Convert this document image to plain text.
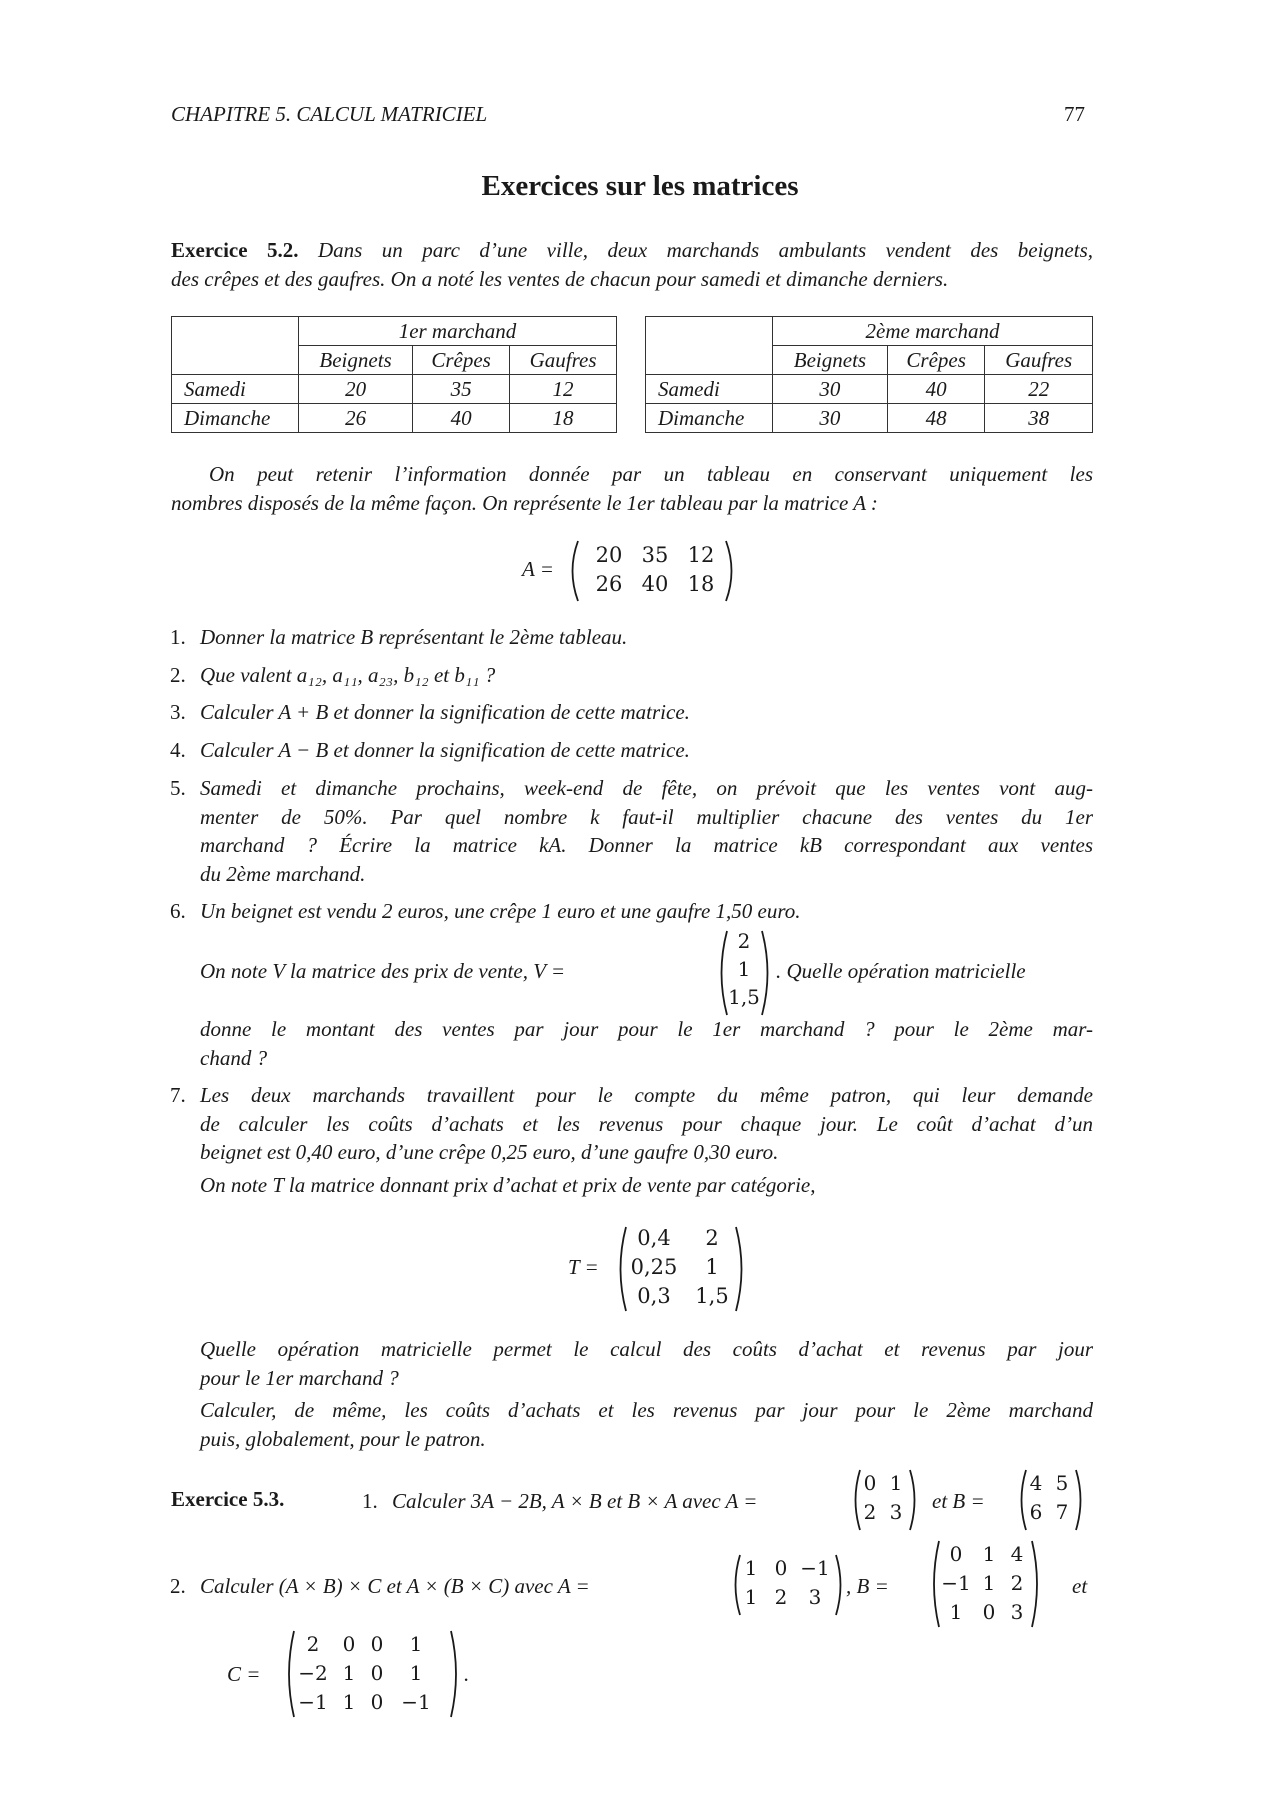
CHAPITRE 5. CALCUL MATRICIEL	77
Exercices sur les matrices
Exercice 5.2. Dans un parc d’une ville, deux marchands ambulants vendent des beignets,
des crêpes et des gaufres. On a noté les ventes de chacun pour samedi et dimanche derniers.
	1er marchand		
	Beignets	Crêpes	Gaufres
Samedi	20	35	12
Dimanche	26	40	18
	2ème marchand		
	Beignets	Crêpes	Gaufres
Samedi	30	40	22
Dimanche	30	48	38
On peut retenir l’information donnée par un tableau en conservant uniquement les
nombres disposés de la même façon. On représente le 1er tableau par la matrice A :
A =
20 35 12
26 40 18
1. Donner la matrice B représentant le 2ème tableau.
2. Que valent a₁₂, a₁₁, a₂₃, b₁₂ et b₁₁ ?
3. Calculer A + B et donner la signification de cette matrice.
4. Calculer A − B et donner la signification de cette matrice.
5. Samedi et dimanche prochains, week-end de fête, on prévoit que les ventes vont aug-
menter de 50%. Par quel nombre k faut-il multiplier chacune des ventes du 1er
marchand ? Écrire la matrice kA. Donner la matrice kB correspondant aux ventes
du 2ème marchand.
6. Un beignet est vendu 2 euros, une crêpe 1 euro et une gaufre 1,50 euro.
On note V la matrice des prix de vente, V =
2
1
1,5
. Quelle opération matricielle
donne le montant des ventes par jour pour le 1er marchand ? pour le 2ème mar-
chand ?
7. Les deux marchands travaillent pour le compte du même patron, qui leur demande
de calculer les coûts d’achats et les revenus pour chaque jour. Le coût d’achat d’un
beignet est 0,40 euro, d’une crêpe 0,25 euro, d’une gaufre 0,30 euro.
On note T la matrice donnant prix d’achat et prix de vente par catégorie,
T =
0,4	2
0,25	1
0,3	1,5
Quelle opération matricielle permet le calcul des coûts d’achat et revenus par jour
pour le 1er marchand ?
Calculer, de même, les coûts d’achats et les revenus par jour pour le 2ème marchand
puis, globalement, pour le patron.
Exercice 5.3.	1. Calculer 3A − 2B, A × B et B × A avec A =
0 1
2 3 et B =
4 5
6 7
2. Calculer (A × B) × C et A × (B × C) avec A =
1 0 −1
1 2	3	, B =
0	1 4
−1 1 2
1	0 3
et
C =
2	0 0	1
−2 1 0	1
−1 1 0 −1
.
